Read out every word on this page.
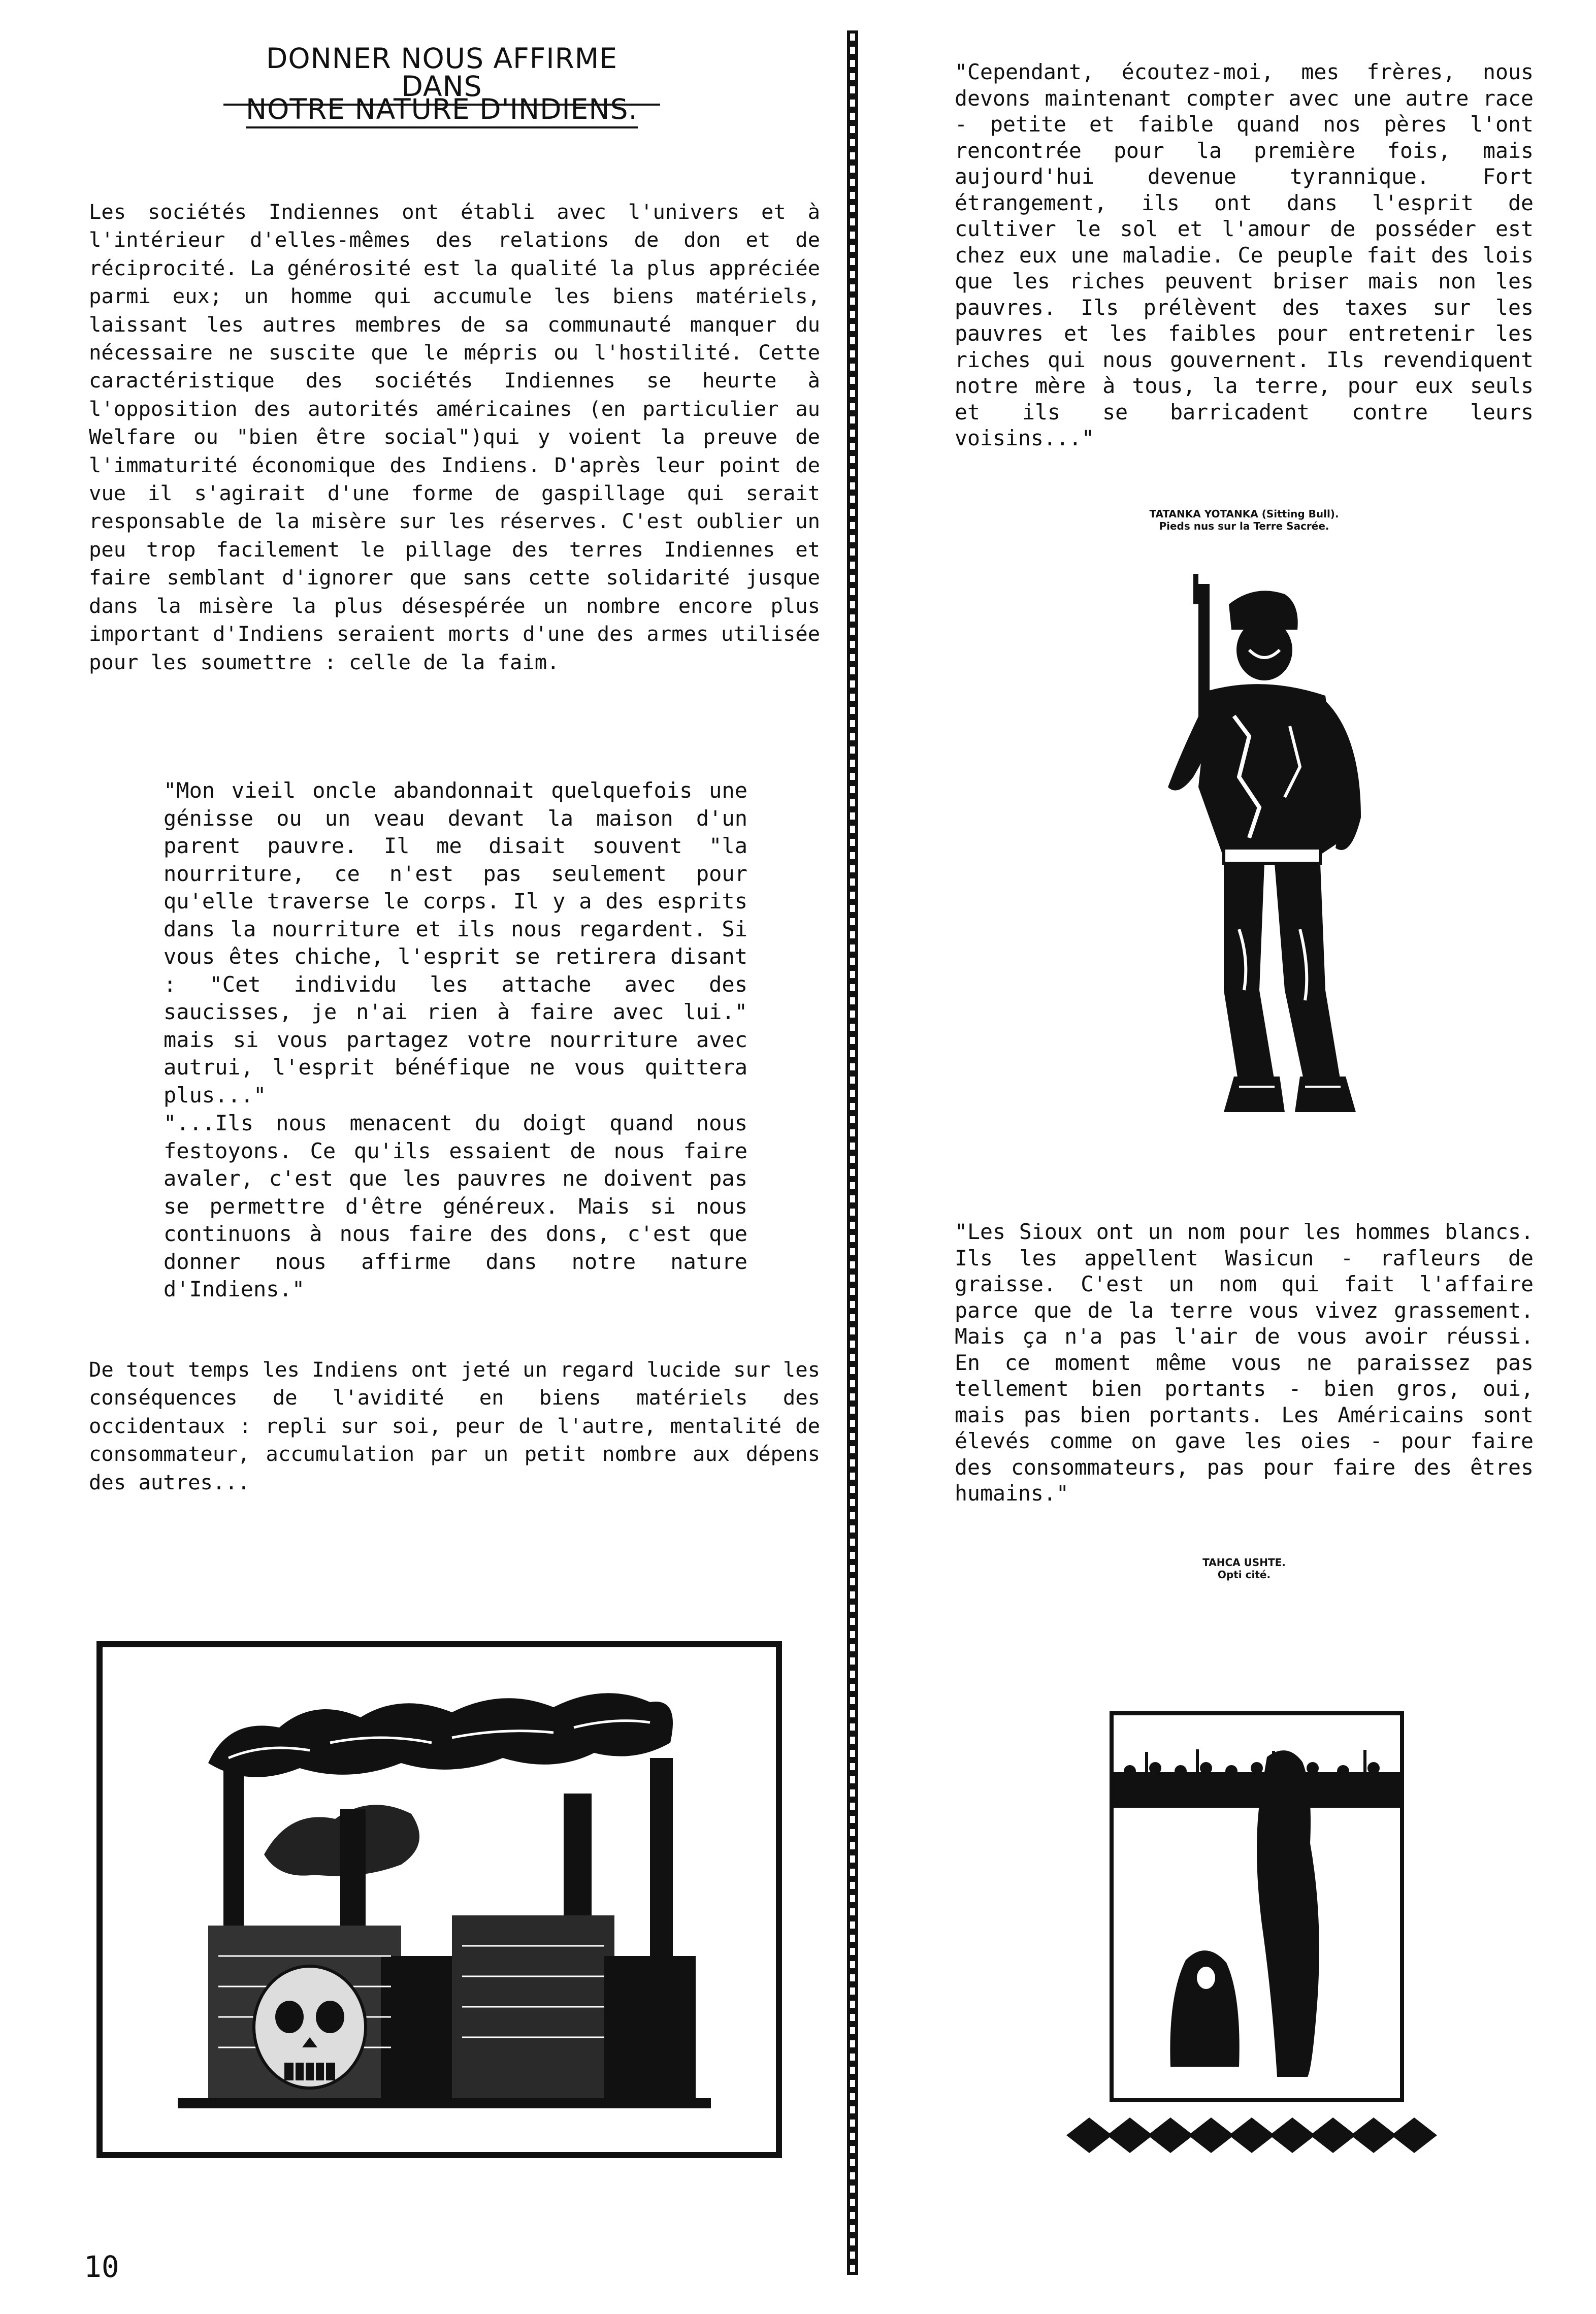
DONNER NOUS AFFIRME DANS
NOTRE NATURE D'INDIENS.

Les sociétés Indiennes ont établi avec l'univers et à l'intérieur d'elles-mêmes des relations de don et de réciprocité. La générosité est la qualité la plus appréciée parmi eux; un homme qui accumule les biens matériels, laissant les autres membres de sa communauté manquer du nécessaire ne suscite que le mépris ou l'hostilité. Cette caractéristique des sociétés Indiennes se heurte à l'opposition des autorités américaines (en particulier au Welfare ou "bien être social")qui y voient la preuve de l'immaturité économique des Indiens. D'après leur point de vue il s'agirait d'une forme de gaspillage qui serait responsable de la misère sur les réserves. C'est oublier un peu trop facilement le pillage des terres Indiennes et faire semblant d'ignorer que sans cette solidarité jusque dans la misère la plus désespérée un nombre encore plus important d'Indiens seraient morts d'une des armes utilisée pour les soumettre : celle de la faim.

"Mon vieil oncle abandonnait quelquefois une génisse ou un veau devant la maison d'un parent pauvre. Il me disait souvent "la nourriture, ce n'est pas seulement pour qu'elle traverse le corps. Il y a des esprits dans la nourriture et ils nous regardent. Si vous êtes chiche, l'esprit se retirera disant : "Cet individu les attache avec des saucisses, je n'ai rien à faire avec lui." mais si vous partagez votre nourriture avec autrui, l'esprit bénéfique ne vous quittera plus..."

"...Ils nous menacent du doigt quand nous festoyons. Ce qu'ils essaient de nous faire avaler, c'est que les pauvres ne doivent pas se permettre d'être généreux. Mais si nous continuons à nous faire des dons, c'est que donner nous affirme dans notre nature d'Indiens."

De tout temps les Indiens ont jeté un regard lucide sur les conséquences de l'avidité en biens matériels des occidentaux : repli sur soi, peur de l'autre, mentalité de consommateur, accumulation par un petit nombre aux dépens des autres...

"Cependant, écoutez-moi, mes frères, nous devons maintenant compter avec une autre race - petite et faible quand nos pères l'ont rencontrée pour la première fois, mais aujourd'hui devenue tyrannique. Fort étrangement, ils ont dans l'esprit de cultiver le sol et l'amour de posséder est chez eux une maladie. Ce peuple fait des lois que les riches peuvent briser mais non les pauvres. Ils prélèvent des taxes sur les pauvres et les faibles pour entretenir les riches qui nous gouvernent. Ils revendiquent notre mère à tous, la terre, pour eux seuls et ils se barricadent contre leurs voisins..."

TATANKA YOTANKA (Sitting Bull).
Pieds nus sur la Terre Sacrée.

"Les Sioux ont un nom pour les hommes blancs. Ils les appellent Wasicun - rafleurs de graisse. C'est un nom qui fait l'affaire parce que de la terre vous vivez grassement. Mais ça n'a pas l'air de vous avoir réussi. En ce moment même vous ne paraissez pas tellement bien portants - bien gros, oui, mais pas bien portants. Les Américains sont élevés comme on gave les oies - pour faire des consommateurs, pas pour faire des êtres humains."

TAHCA USHTE.
Opti cité.
10
